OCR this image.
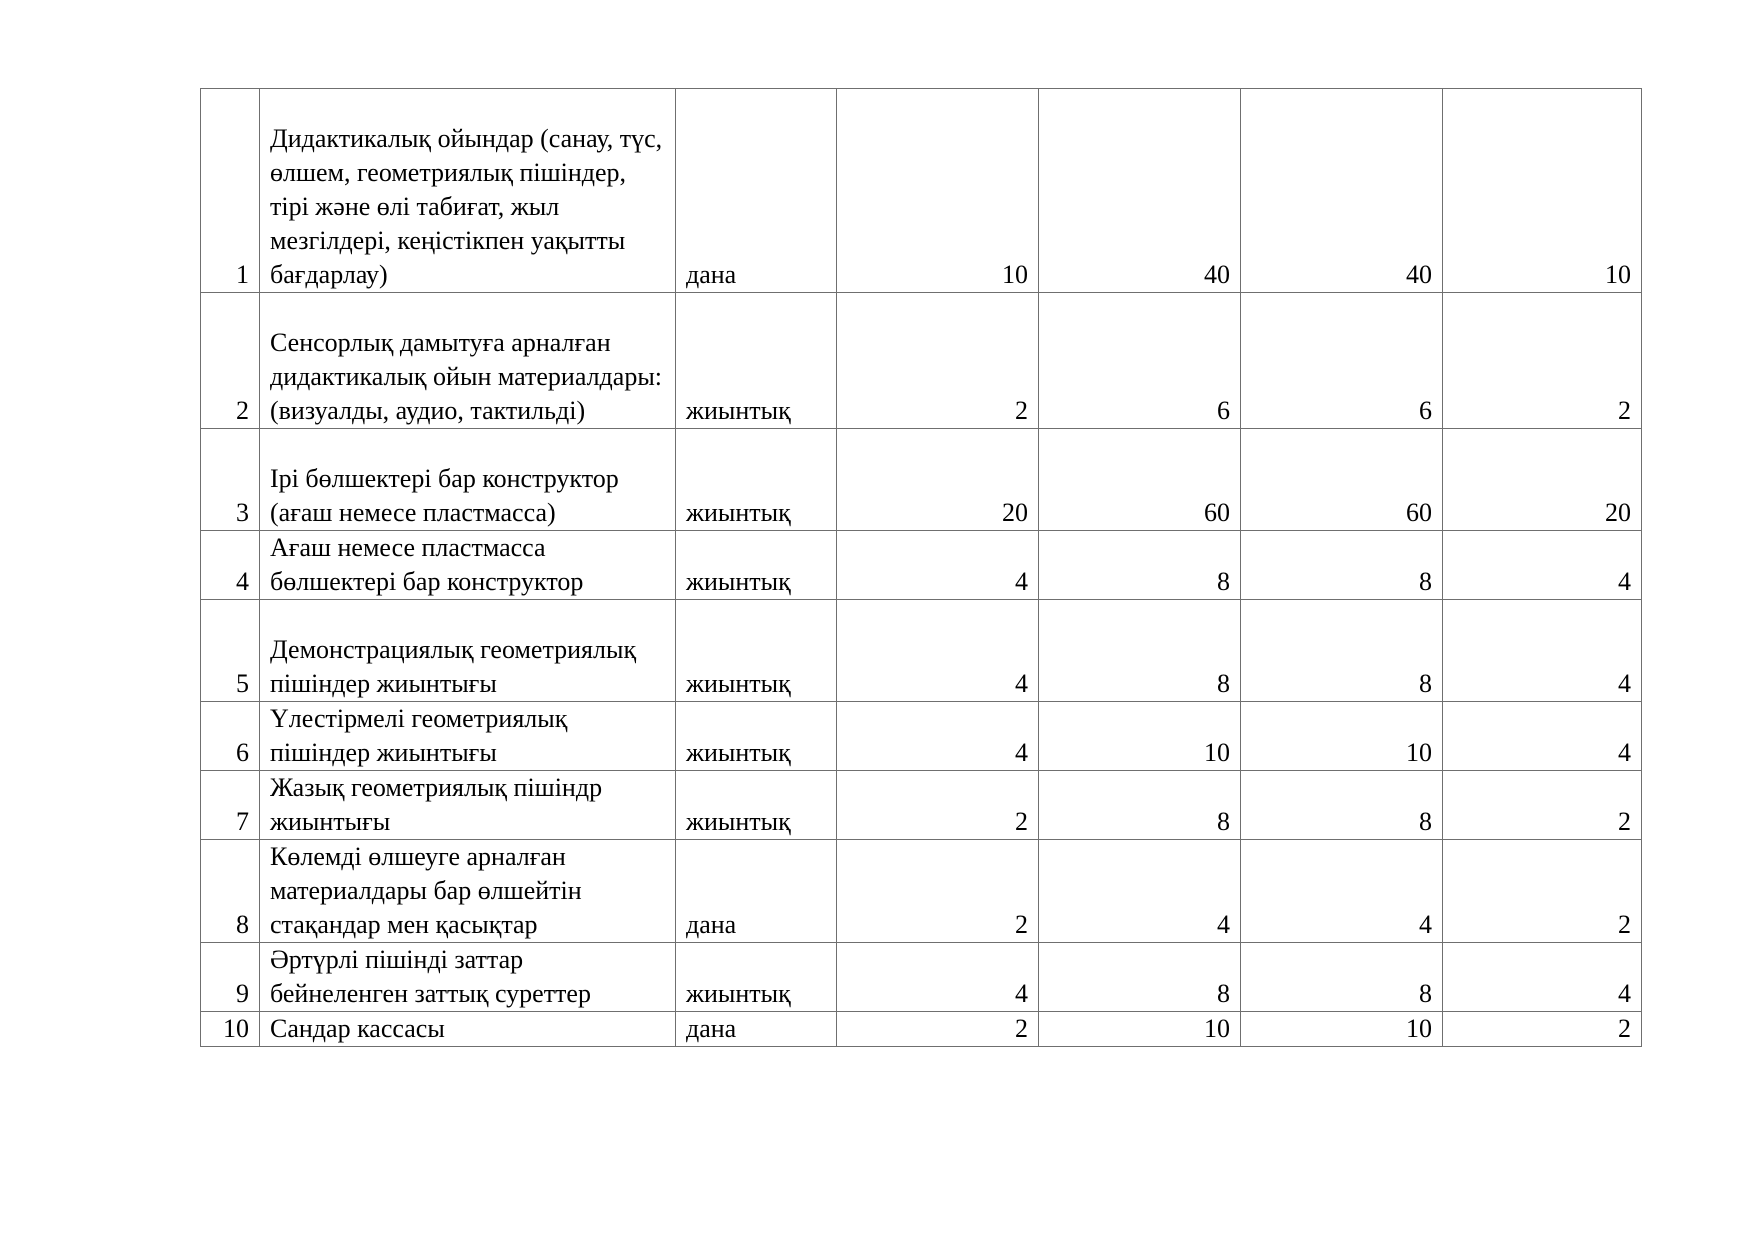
1	Дидактикалық ойындар (санау, түс, өлшем, геометриялық пішіндер, тірі және өлі табиғат, жыл мезгілдері, кеңістікпен уақытты бағдарлау)	дана	10	40	40	10
2	Сенсорлық дамытуға арналған дидактикалық ойын материалдары: (визуалды, аудио, тактильді)	жиынтық	2	6	6	2
3	Ірі бөлшектері бар конструктор (ағаш немесе пластмасса)	жиынтық	20	60	60	20
4	Ағаш немесе пластмасса бөлшектері бар конструктор	жиынтық	4	8	8	4
5	Демонстрациялық геометриялық пішіндер жиынтығы	жиынтық	4	8	8	4
6	Үлестірмелі геометриялық пішіндер жиынтығы	жиынтық	4	10	10	4
7	Жазық геометриялық пішіндр жиынтығы	жиынтық	2	8	8	2
8	Көлемді өлшеуге арналған материалдары бар өлшейтін стақандар мен қасықтар	дана	2	4	4	2
9	Әртүрлі пішінді заттар бейнеленген заттық суреттер	жиынтық	4	8	8	4
10	Сандар кассасы	дана	2	10	10	2
